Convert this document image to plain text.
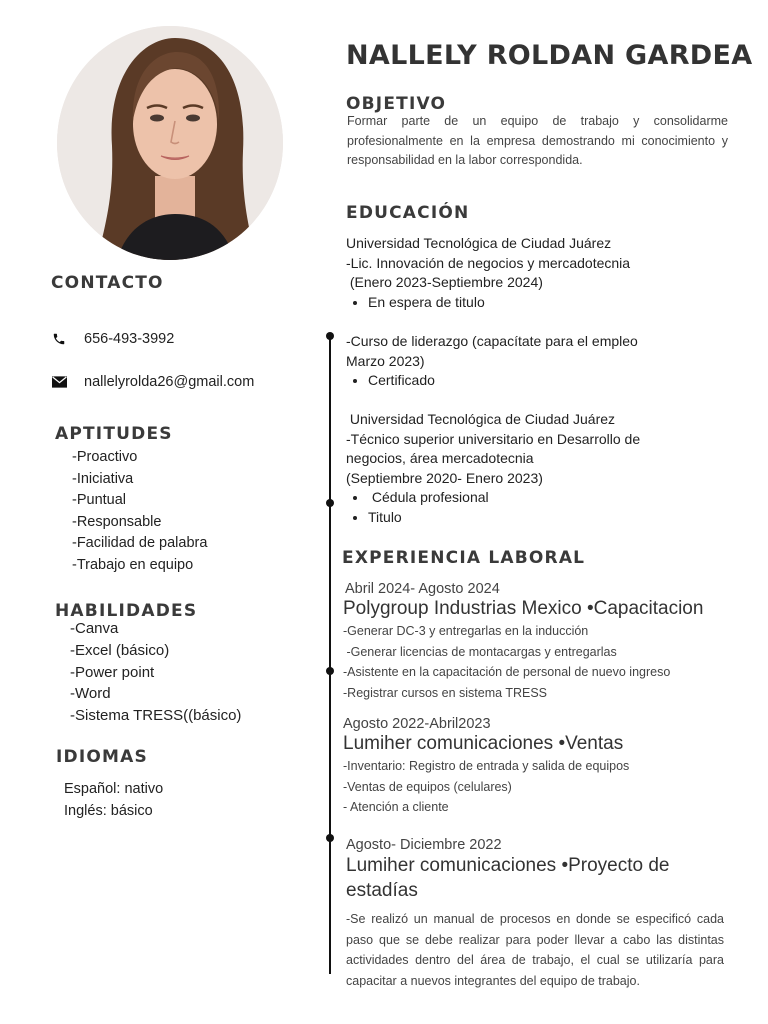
NALLELY ROLDAN GARDEA
OBJETIVO

Formar parte de un equipo de trabajo y consolidarme profesionalmente en la empresa demostrando mi conocimiento y responsabilidad en la labor correspondida.

EDUCACIÓN
Universidad Tecnológica de Ciudad Juárez
-Lic. Innovación de negocios y mercadotecnia
(Enero 2023-Septiembre 2024)
• En espera de titulo
-Curso de liderazgo (capacítate para el empleo
Marzo 2023)
• Certificado
Universidad Tecnológica de Ciudad Juárez
-Técnico superior universitario en Desarrollo de
negocios, área mercadotecnia
(Septiembre 2020- Enero 2023)
•  Cédula profesional
• Titulo
EXPERIENCIA LABORAL
Abril 2024- Agosto 2024
Polygroup Industrias Mexico •Capacitacion
-Generar DC-3 y entregarlas en la inducción
-Generar licencias de montacargas y entregarlas
-Asistente en la capacitación de personal de nuevo ingreso
-Registrar cursos en sistema TRESS
Agosto 2022-Abril2023
Lumiher comunicaciones •Ventas
-Inventario: Registro de entrada y salida de equipos
-Ventas de equipos (celulares)
- Atención a cliente
Agosto- Diciembre 2022
Lumiher comunicaciones •Proyecto de estadías
-Se realizó un manual de procesos en donde se especificó cada paso que se debe realizar para poder llevar a cabo las distintas actividades dentro del área de trabajo, el cual se utilizaría para capacitar a nuevos integrantes del equipo de trabajo.
CONTACTO
656-493-3992
nallelyrolda26@gmail.com
APTITUDES
-Proactivo
-Iniciativa
-Puntual
-Responsable
-Facilidad de palabra
-Trabajo en equipo
HABILIDADES
-Canva
-Excel (básico)
-Power point
-Word
-Sistema TRESS((básico)
IDIOMAS
Español: nativo
Inglés: básico
